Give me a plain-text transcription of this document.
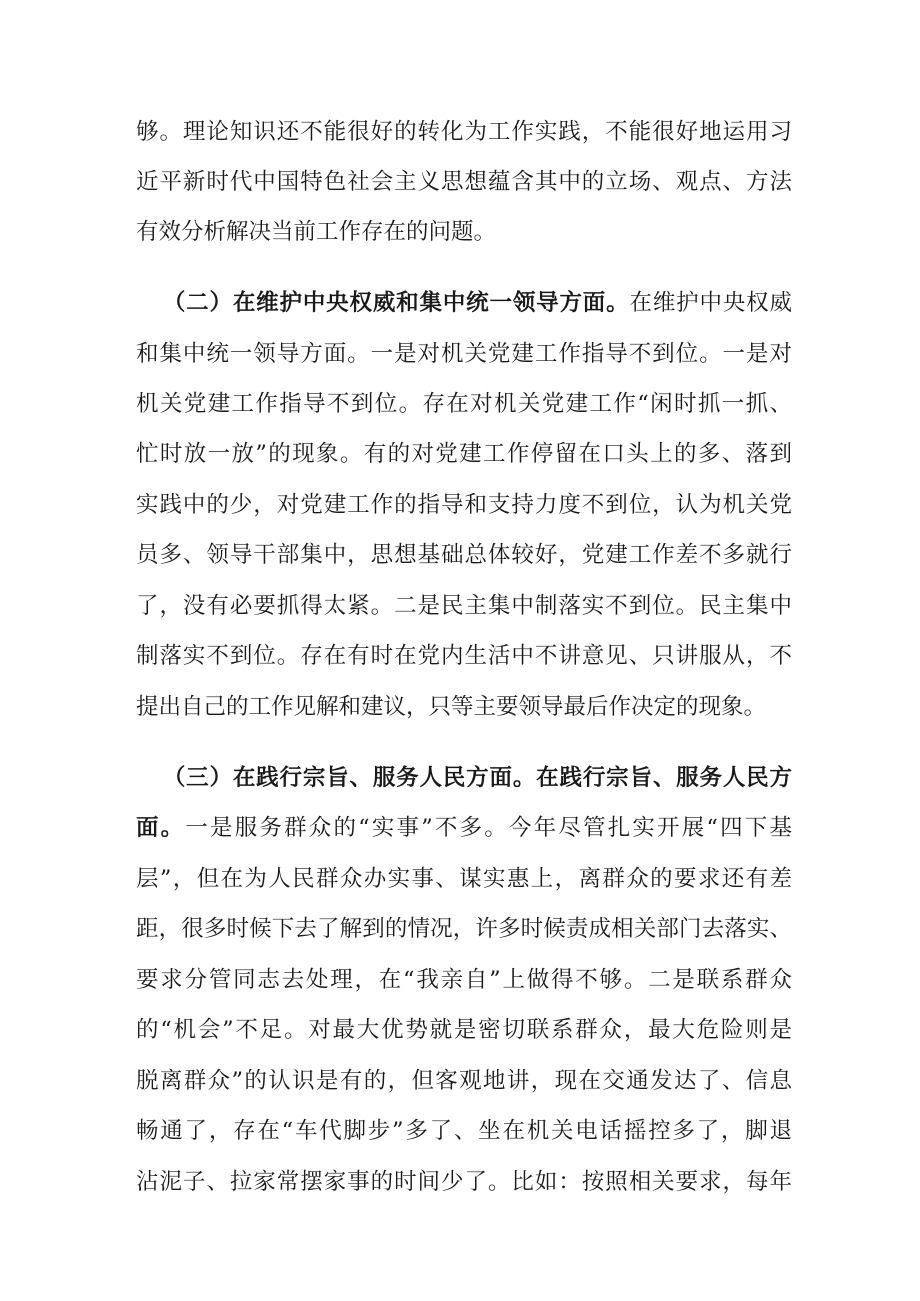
够。理论知识还不能很好的转化为工作实践，不能很好地运用习

近平新时代中国特色社会主义思想蕴含其中的立场、观点、方法

有效分析解决当前工作存在的问题。

（二）在维护中央权威和集中统一领导方面。在维护中央权威

和集中统一领导方面。一是对机关党建工作指导不到位。一是对

机关党建工作指导不到位。存在对机关党建工作“闲时抓一抓、

忙时放一放”的现象。有的对党建工作停留在口头上的多、落到

实践中的少，对党建工作的指导和支持力度不到位，认为机关党

员多、领导干部集中，思想基础总体较好，党建工作差不多就行

了，没有必要抓得太紧。二是民主集中制落实不到位。民主集中

制落实不到位。存在有时在党内生活中不讲意见、只讲服从，不

提出自己的工作见解和建议，只等主要领导最后作决定的现象。

（三）在践行宗旨、服务人民方面。在践行宗旨、服务人民方

面。一是服务群众的“实事”不多。今年尽管扎实开展“四下基

层”，但在为人民群众办实事、谋实惠上，离群众的要求还有差

距，很多时候下去了解到的情况，许多时候责成相关部门去落实、

要求分管同志去处理，在“我亲自”上做得不够。二是联系群众

的“机会”不足。对最大优势就是密切联系群众，最大危险则是

脱离群众”的认识是有的，但客观地讲，现在交通发达了、信息

畅通了，存在“车代脚步”多了、坐在机关电话摇控多了，脚退

沾泥子、拉家常摆家事的时间少了。比如：按照相关要求，每年
